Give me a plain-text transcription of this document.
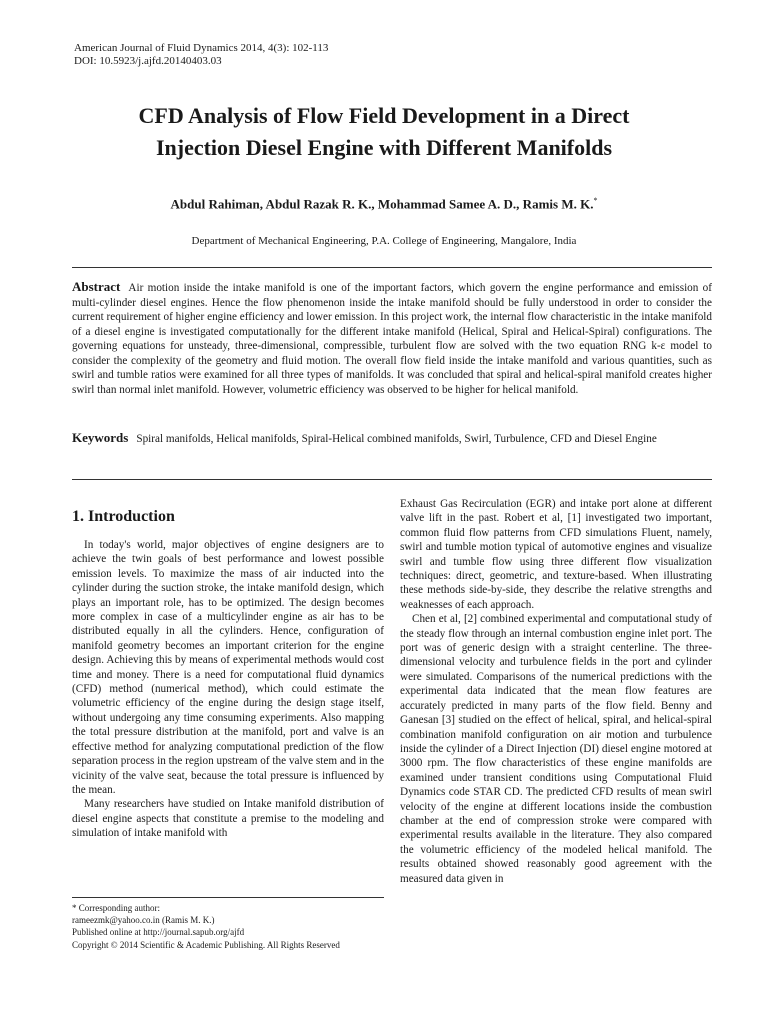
American Journal of Fluid Dynamics 2014, 4(3): 102-113
DOI: 10.5923/j.ajfd.20140403.03
CFD Analysis of Flow Field Development in a Direct
Injection Diesel Engine with Different Manifolds
Abdul Rahiman, Abdul Razak R. K., Mohammad Samee A. D., Ramis M. K.*
Department of Mechanical Engineering, P.A. College of Engineering, Mangalore, India
Abstract Air motion inside the intake manifold is one of the important factors, which govern the engine performance and emission of multi-cylinder diesel engines. Hence the flow phenomenon inside the intake manifold should be fully understood in order to consider the current requirement of higher engine efficiency and lower emission. In this project work, the internal flow characteristic in the intake manifold of a diesel engine is investigated computationally for the different intake manifold (Helical, Spiral and Helical-Spiral) configurations. The governing equations for unsteady, three-dimensional, compressible, turbulent flow are solved with the two equation RNG k-ε model to consider the complexity of the geometry and fluid motion. The overall flow field inside the intake manifold and various quantities, such as swirl and tumble ratios were examined for all three types of manifolds. It was concluded that spiral and helical-spiral manifold creates higher swirl than normal inlet manifold. However, volumetric efficiency was observed to be higher for helical manifold.
Keywords Spiral manifolds, Helical manifolds, Spiral-Helical combined manifolds, Swirl, Turbulence, CFD and Diesel Engine
1. Introduction

In today's world, major objectives of engine designers are to achieve the twin goals of best performance and lowest possible emission levels. To maximize the mass of air inducted into the cylinder during the suction stroke, the intake manifold design, which plays an important role, has to be optimized. The design becomes more complex in case of a multicylinder engine as air has to be distributed equally in all the cylinders. Hence, configuration of manifold geometry becomes an important criterion for the engine design. Achieving this by means of experimental methods would cost time and money. There is a need for computational fluid dynamics (CFD) method (numerical method), which could estimate the volumetric efficiency of the engine during the design stage itself, without undergoing any time consuming experiments. Also mapping the total pressure distribution at the manifold, port and valve is an effective method for analyzing computational prediction of the flow separation process in the region upstream of the valve stem and in the vicinity of the valve seat, because the total pressure is influenced by the mean.

Many researchers have studied on Intake manifold distribution of diesel engine aspects that constitute a premise to the modeling and simulation of intake manifold with

Exhaust Gas Recirculation (EGR) and intake port alone at different valve lift in the past. Robert et al, [1] investigated two important, common fluid flow patterns from CFD simulations Fluent, namely, swirl and tumble motion typical of automotive engines and visualize swirl and tumble flow using three different flow visualization techniques: direct, geometric, and texture-based. When illustrating these methods side-by-side, they describe the relative strengths and weaknesses of each approach.

Chen et al, [2] combined experimental and computational study of the steady flow through an internal combustion engine inlet port. The port was of generic design with a straight centerline. The three-dimensional velocity and turbulence fields in the port and cylinder were simulated. Comparisons of the numerical predictions with the experimental data indicated that the mean flow features are accurately predicted in many parts of the flow field. Benny and Ganesan [3] studied on the effect of helical, spiral, and helical-spiral combination manifold configuration on air motion and turbulence inside the cylinder of a Direct Injection (DI) diesel engine motored at 3000 rpm. The flow characteristics of these engine manifolds are examined under transient conditions using Computational Fluid Dynamics code STAR CD. The predicted CFD results of mean swirl velocity of the engine at different locations inside the combustion chamber at the end of compression stroke were compared with experimental results available in the literature. They also compared the volumetric efficiency of the modeled helical manifold. The results obtained showed reasonably good agreement with the measured data given in

* Corresponding author:
rameezmk@yahoo.co.in (Ramis M. K.)
Published online at http://journal.sapub.org/ajfd
Copyright © 2014 Scientific & Academic Publishing. All Rights Reserved
